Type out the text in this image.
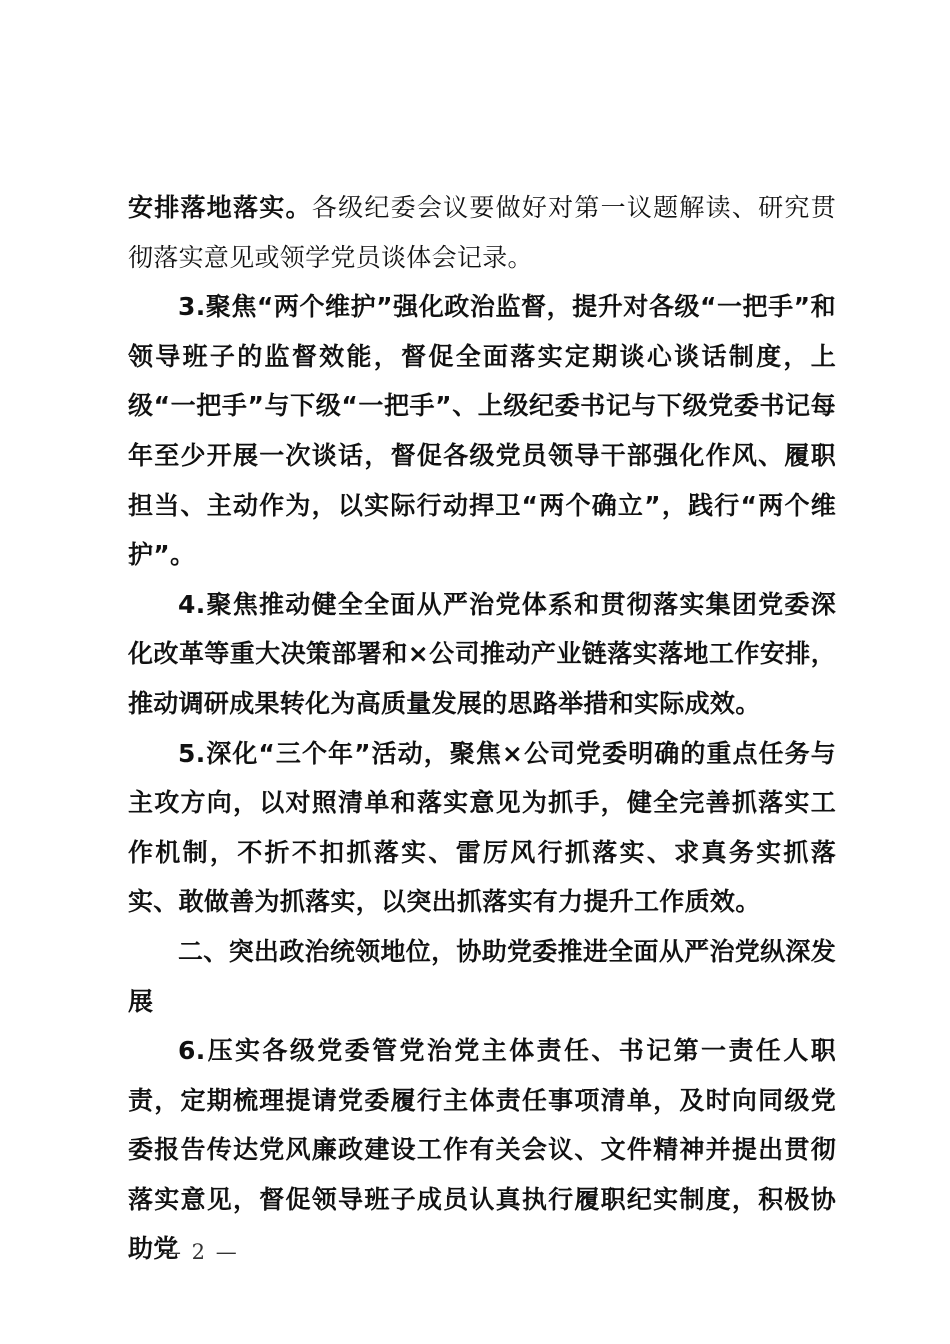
安排落地落实。各级纪委会议要做好对第一议题解读、研究贯彻落实意见或领学党员谈体会记录。

3.聚焦“两个维护”强化政治监督，提升对各级“一把手”和领导班子的监督效能，督促全面落实定期谈心谈话制度，上级“一把手”与下级“一把手”、上级纪委书记与下级党委书记每年至少开展一次谈话，督促各级党员领导干部强化作风、履职担当、主动作为，以实际行动捍卫“两个确立”，践行“两个维护”。

4.聚焦推动健全全面从严治党体系和贯彻落实集团党委深化改革等重大决策部署和×公司推动产业链落实落地工作安排，推动调研成果转化为高质量发展的思路举措和实际成效。

5.深化“三个年”活动，聚焦×公司党委明确的重点任务与主攻方向，以对照清单和落实意见为抓手，健全完善抓落实工作机制，不折不扣抓落实、雷厉风行抓落实、求真务实抓落实、敢做善为抓落实，以突出抓落实有力提升工作质效。

二、突出政治统领地位，协助党委推进全面从严治党纵深发展

6.压实各级党委管党治党主体责任、书记第一责任人职责，定期梳理提请党委履行主体责任事项清单，及时向同级党委报告传达党风廉政建设工作有关会议、文件精神并提出贯彻落实意见，督促领导班子成员认真执行履职纪实制度，积极协助党

— 2 —
